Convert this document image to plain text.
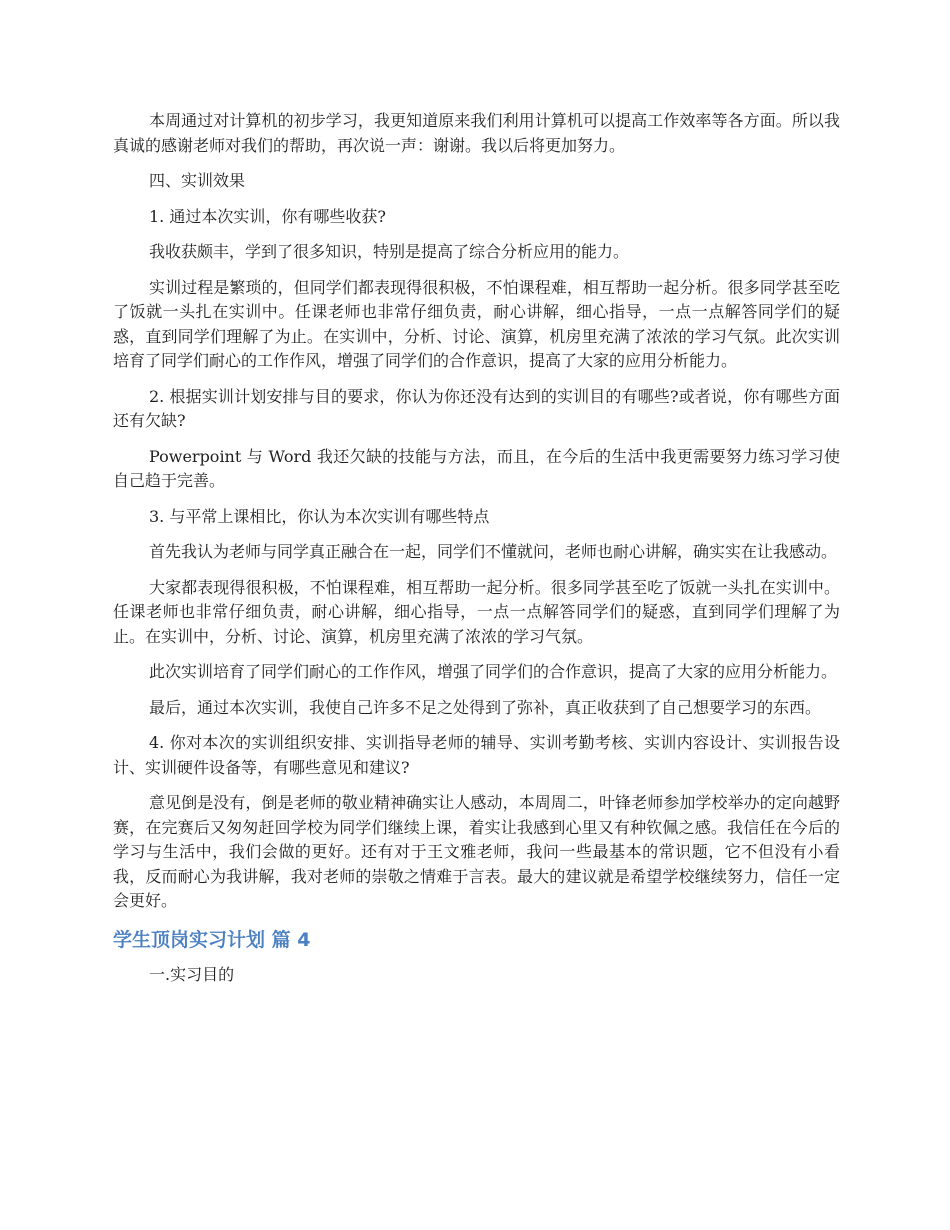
本周通过对计算机的初步学习，我更知道原来我们利用计算机可以提高工作效率等各方面。所以我真诚的感谢老师对我们的帮助，再次说一声：谢谢。我以后将更加努力。

四、实训效果

1. 通过本次实训，你有哪些收获?

我收获颇丰，学到了很多知识，特别是提高了综合分析应用的能力。

实训过程是繁琐的，但同学们都表现得很积极，不怕课程难，相互帮助一起分析。很多同学甚至吃了饭就一头扎在实训中。任课老师也非常仔细负责，耐心讲解，细心指导，一点一点解答同学们的疑惑，直到同学们理解了为止。在实训中，分析、讨论、演算，机房里充满了浓浓的学习气氛。此次实训培育了同学们耐心的工作作风，增强了同学们的合作意识，提高了大家的应用分析能力。

2. 根据实训计划安排与目的要求，你认为你还没有达到的实训目的有哪些?或者说，你有哪些方面还有欠缺?

Powerpoint 与 Word 我还欠缺的技能与方法，而且，在今后的生活中我更需要努力练习学习使自己趋于完善。

3. 与平常上课相比，你认为本次实训有哪些特点

首先我认为老师与同学真正融合在一起，同学们不懂就问，老师也耐心讲解，确实实在让我感动。

大家都表现得很积极，不怕课程难，相互帮助一起分析。很多同学甚至吃了饭就一头扎在实训中。任课老师也非常仔细负责，耐心讲解，细心指导，一点一点解答同学们的疑惑，直到同学们理解了为止。在实训中，分析、讨论、演算，机房里充满了浓浓的学习气氛。

此次实训培育了同学们耐心的工作作风，增强了同学们的合作意识，提高了大家的应用分析能力。

最后，通过本次实训，我使自己许多不足之处得到了弥补，真正收获到了自己想要学习的东西。

4. 你对本次的实训组织安排、实训指导老师的辅导、实训考勤考核、实训内容设计、实训报告设计、实训硬件设备等，有哪些意见和建议?

意见倒是没有，倒是老师的敬业精神确实让人感动，本周周二，叶锋老师参加学校举办的定向越野赛，在完赛后又匆匆赶回学校为同学们继续上课，着实让我感到心里又有种钦佩之感。我信任在今后的学习与生活中，我们会做的更好。还有对于王文雅老师，我问一些最基本的常识题，它不但没有小看我，反而耐心为我讲解，我对老师的崇敬之情难于言表。最大的建议就是希望学校继续努力，信任一定会更好。

学生顶岗实习计划 篇 4

一.实习目的
